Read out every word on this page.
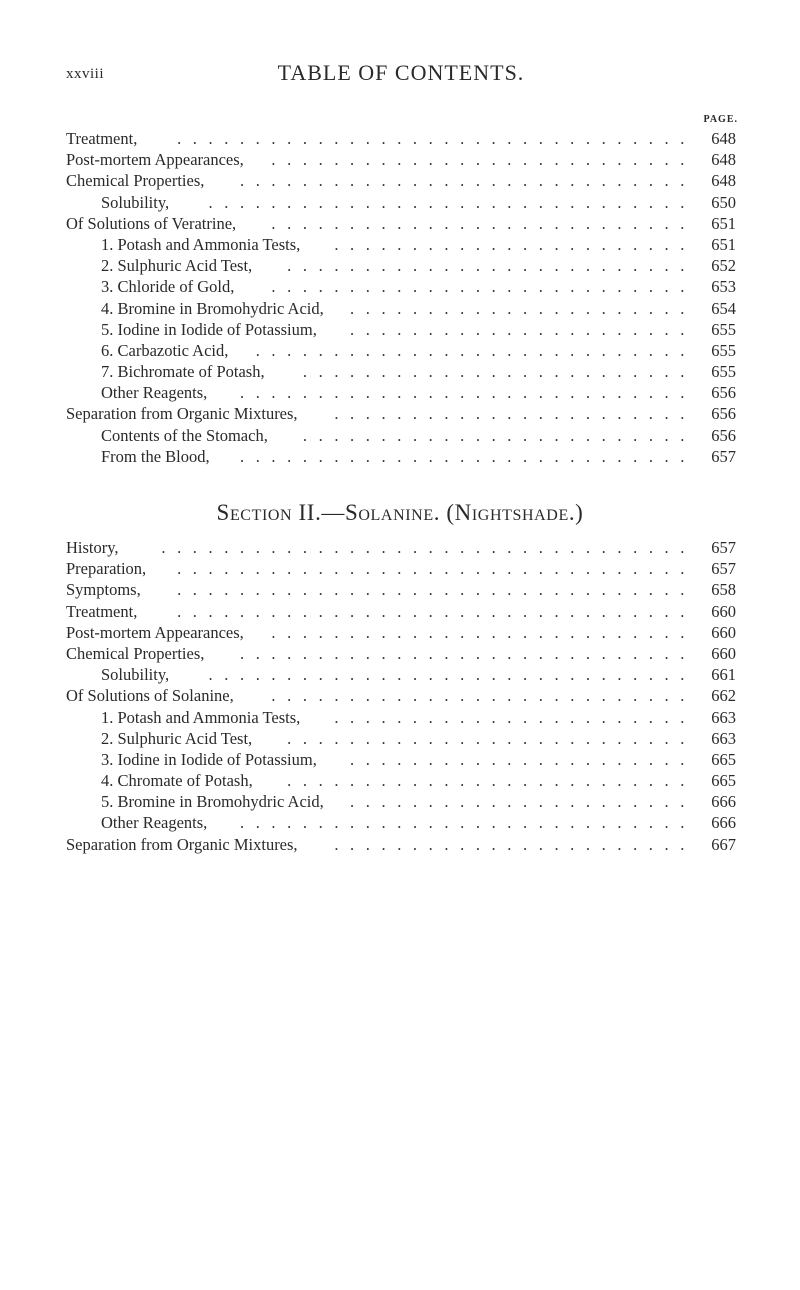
xxviii	TABLE OF CONTENTS.
PAGE.
Treatment,	................................. 648
Post-mortem Appearances,	........................... 648
Chemical Properties,	............................. 648
Solubility,	............................... 650
Of Solutions of Veratrine,	........................... 651
1. Potash and Ammonia Tests,	....................... 651
2. Sulphuric Acid Test,	.......................... 652
3. Chloride of Gold,	........................... 653
4. Bromine in Bromohydric Acid,	...................... 654
5. Iodine in Iodide of Potassium,	...................... 655
6. Carbazotic Acid,	............................ 655
7. Bichromate of Potash,	......................... 655
Other Reagents,	............................. 656
Separation from Organic Mixtures,	....................... 656
Contents of the Stomach,	......................... 656
From the Blood,	............................. 657
Section II.—Solanine. (Nightshade.)
History,	.................................. 657
Preparation,	................................. 657
Symptoms,	................................. 658
Treatment,	................................. 660
Post-mortem Appearances,	........................... 660
Chemical Properties,	............................. 660
Solubility,	............................... 661
Of Solutions of Solanine,	........................... 662
1. Potash and Ammonia Tests,	....................... 663
2. Sulphuric Acid Test,	.......................... 663
3. Iodine in Iodide of Potassium,	...................... 665
4. Chromate of Potash,	.......................... 665
5. Bromine in Bromohydric Acid,	...................... 666
Other Reagents,	............................. 666
Separation from Organic Mixtures,	....................... 667
